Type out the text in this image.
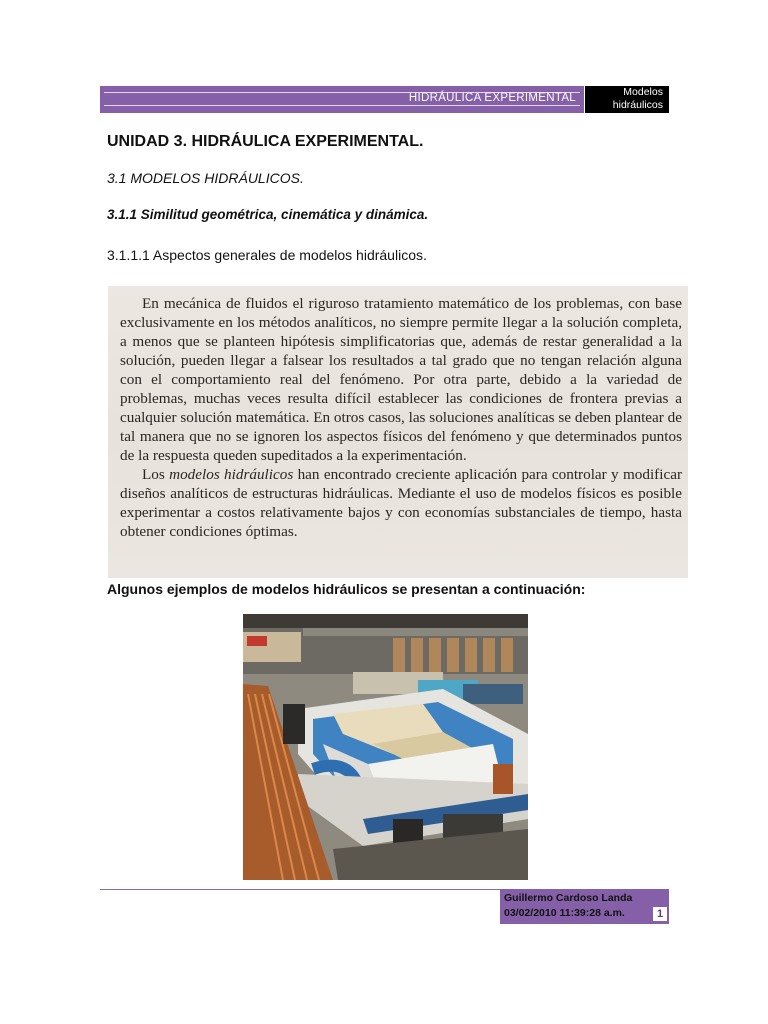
HIDRÁULICA EXPERIMENTAL	Modelos
hidráulicos
UNIDAD 3. HIDRÁULICA EXPERIMENTAL.
3.1 MODELOS HIDRÁULICOS.
3.1.1 Similitud geométrica, cinemática y dinámica.
3.1.1.1 Aspectos generales de modelos hidráulicos.

En mecánica de fluidos el riguroso tratamiento matemático de los problemas, con base exclusivamente en los métodos analíticos, no siempre permite llegar a la solución completa, a menos que se planteen hipótesis simplificatorias que, además de restar generalidad a la solución, pueden llegar a falsear los resultados a tal grado que no tengan relación alguna con el comportamiento real del fenómeno. Por otra parte, debido a la variedad de problemas, muchas veces resulta difícil establecer las condiciones de frontera previas a cualquier solución matemática. En otros casos, las soluciones analíticas se deben plantear de tal manera que no se ignoren los aspectos físicos del fenómeno y que determinados puntos de la respuesta queden supeditados a la experimentación.

Los modelos hidráulicos han encontrado creciente aplicación para controlar y modificar diseños analíticos de estructuras hidráulicas. Mediante el uso de modelos físicos es posible experimentar a costos relativamente bajos y con economías substanciales de tiempo, hasta obtener condiciones óptimas.

Algunos ejemplos de modelos hidráulicos se presentan a continuación:
Guillermo Cardoso Landa
03/02/2010 11:39:28 a.m.	1
